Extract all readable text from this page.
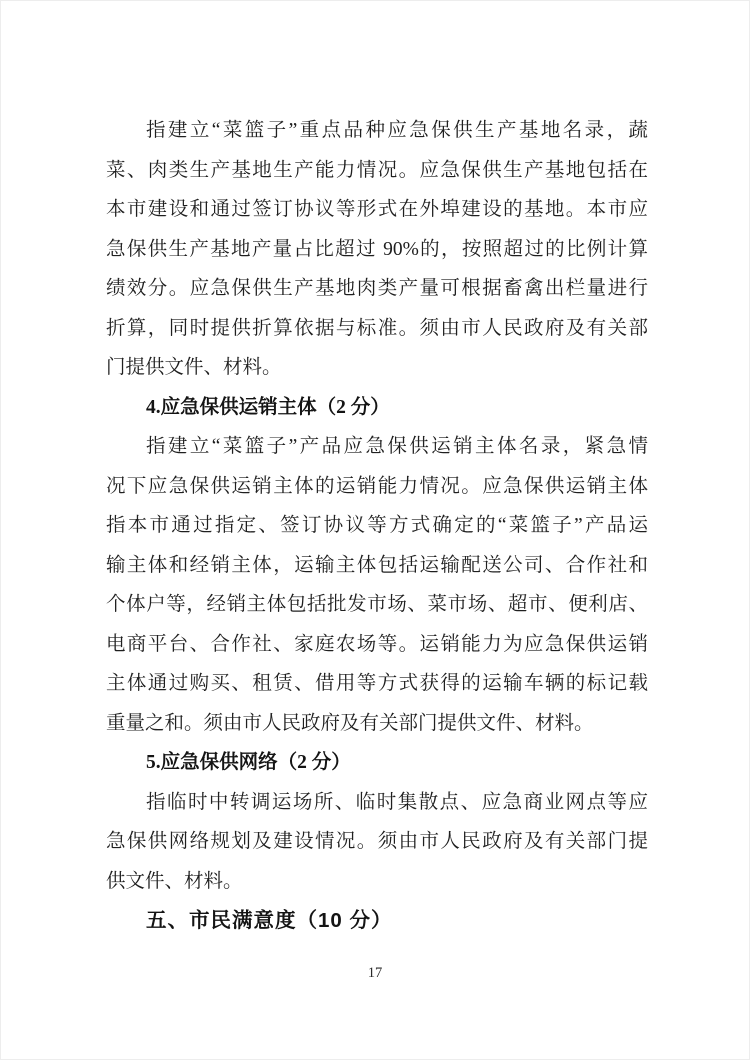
指建立“菜篮子”重点品种应急保供生产基地名录，蔬
菜、肉类生产基地生产能力情况。应急保供生产基地包括在
本市建设和通过签订协议等形式在外埠建设的基地。本市应
急保供生产基地产量占比超过 90%的，按照超过的比例计算
绩效分。应急保供生产基地肉类产量可根据畜禽出栏量进行
折算，同时提供折算依据与标准。须由市人民政府及有关部
门提供文件、材料。
4.应急保供运销主体（2 分）
指建立“菜篮子”产品应急保供运销主体名录，紧急情
况下应急保供运销主体的运销能力情况。应急保供运销主体
指本市通过指定、签订协议等方式确定的“菜篮子”产品运
输主体和经销主体，运输主体包括运输配送公司、合作社和
个体户等，经销主体包括批发市场、菜市场、超市、便利店、
电商平台、合作社、家庭农场等。运销能力为应急保供运销
主体通过购买、租赁、借用等方式获得的运输车辆的标记载
重量之和。须由市人民政府及有关部门提供文件、材料。
5.应急保供网络（2 分）
指临时中转调运场所、临时集散点、应急商业网点等应
急保供网络规划及建设情况。须由市人民政府及有关部门提
供文件、材料。
五、市民满意度（10 分）
17
